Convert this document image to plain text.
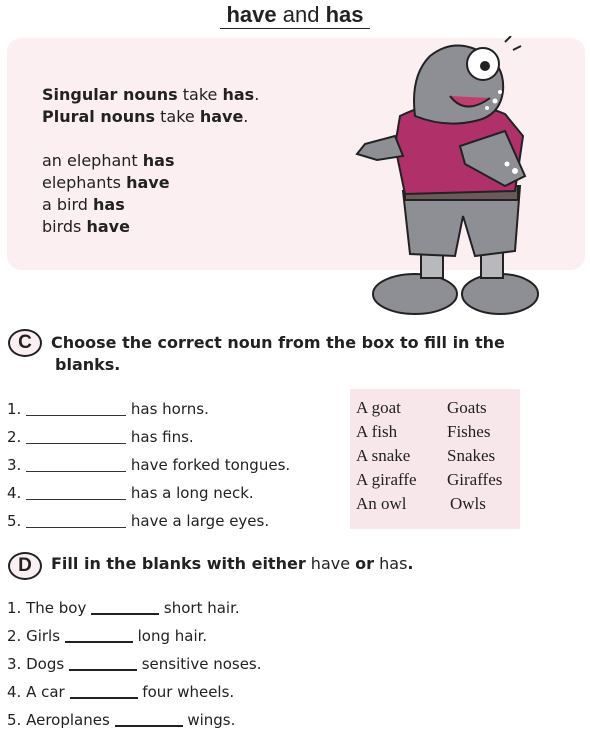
have and has
Singular nouns take has.
Plural nouns take have.
an elephant has
elephants have
a bird has
birds have
C	Choose the correct noun from the box to fill in the
blanks.
1.	has horns.
2.	has fins.
3.	have forked tongues.
4.	has a long neck.
5.	have a large eyes.
A goat	Goats
A fish	Fishes
A snake Snakes
A giraffe Giraffes
An owl	Owls
D	Fill in the blanks with either have or has.
1. The boy	short hair.
2. Girls	long hair.
3. Dogs	sensitive noses.
4. A car	four wheels.
5. Aeroplanes	wings.
